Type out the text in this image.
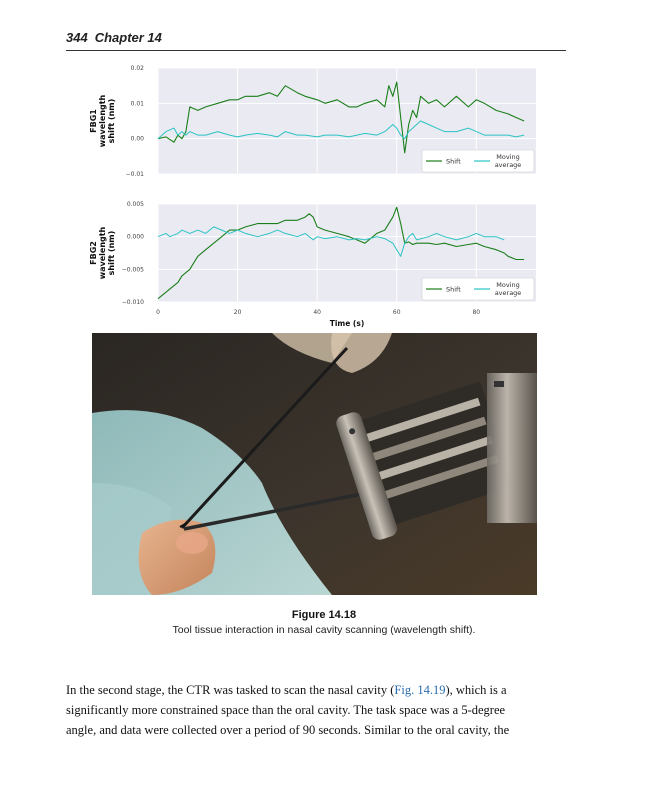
344 Chapter 14
−0.01
0.00
0.01
0.02
FBG1 wavelength shift (nm)
Shift
Moving
average
−0.010
−0.005
0.000
0.005
0	20	40	60	80
FBG2 wavelength shift (nm)
Time (s)
Shift
Moving
average
Figure 14.18
Tool tissue interaction in nasal cavity scanning (wavelength shift).
In the second stage, the CTR was tasked to scan the nasal cavity (Fig. 14.19), which is a
significantly more constrained space than the oral cavity. The task space was a 5-degree
angle, and data were collected over a period of 90 seconds. Similar to the oral cavity, the
